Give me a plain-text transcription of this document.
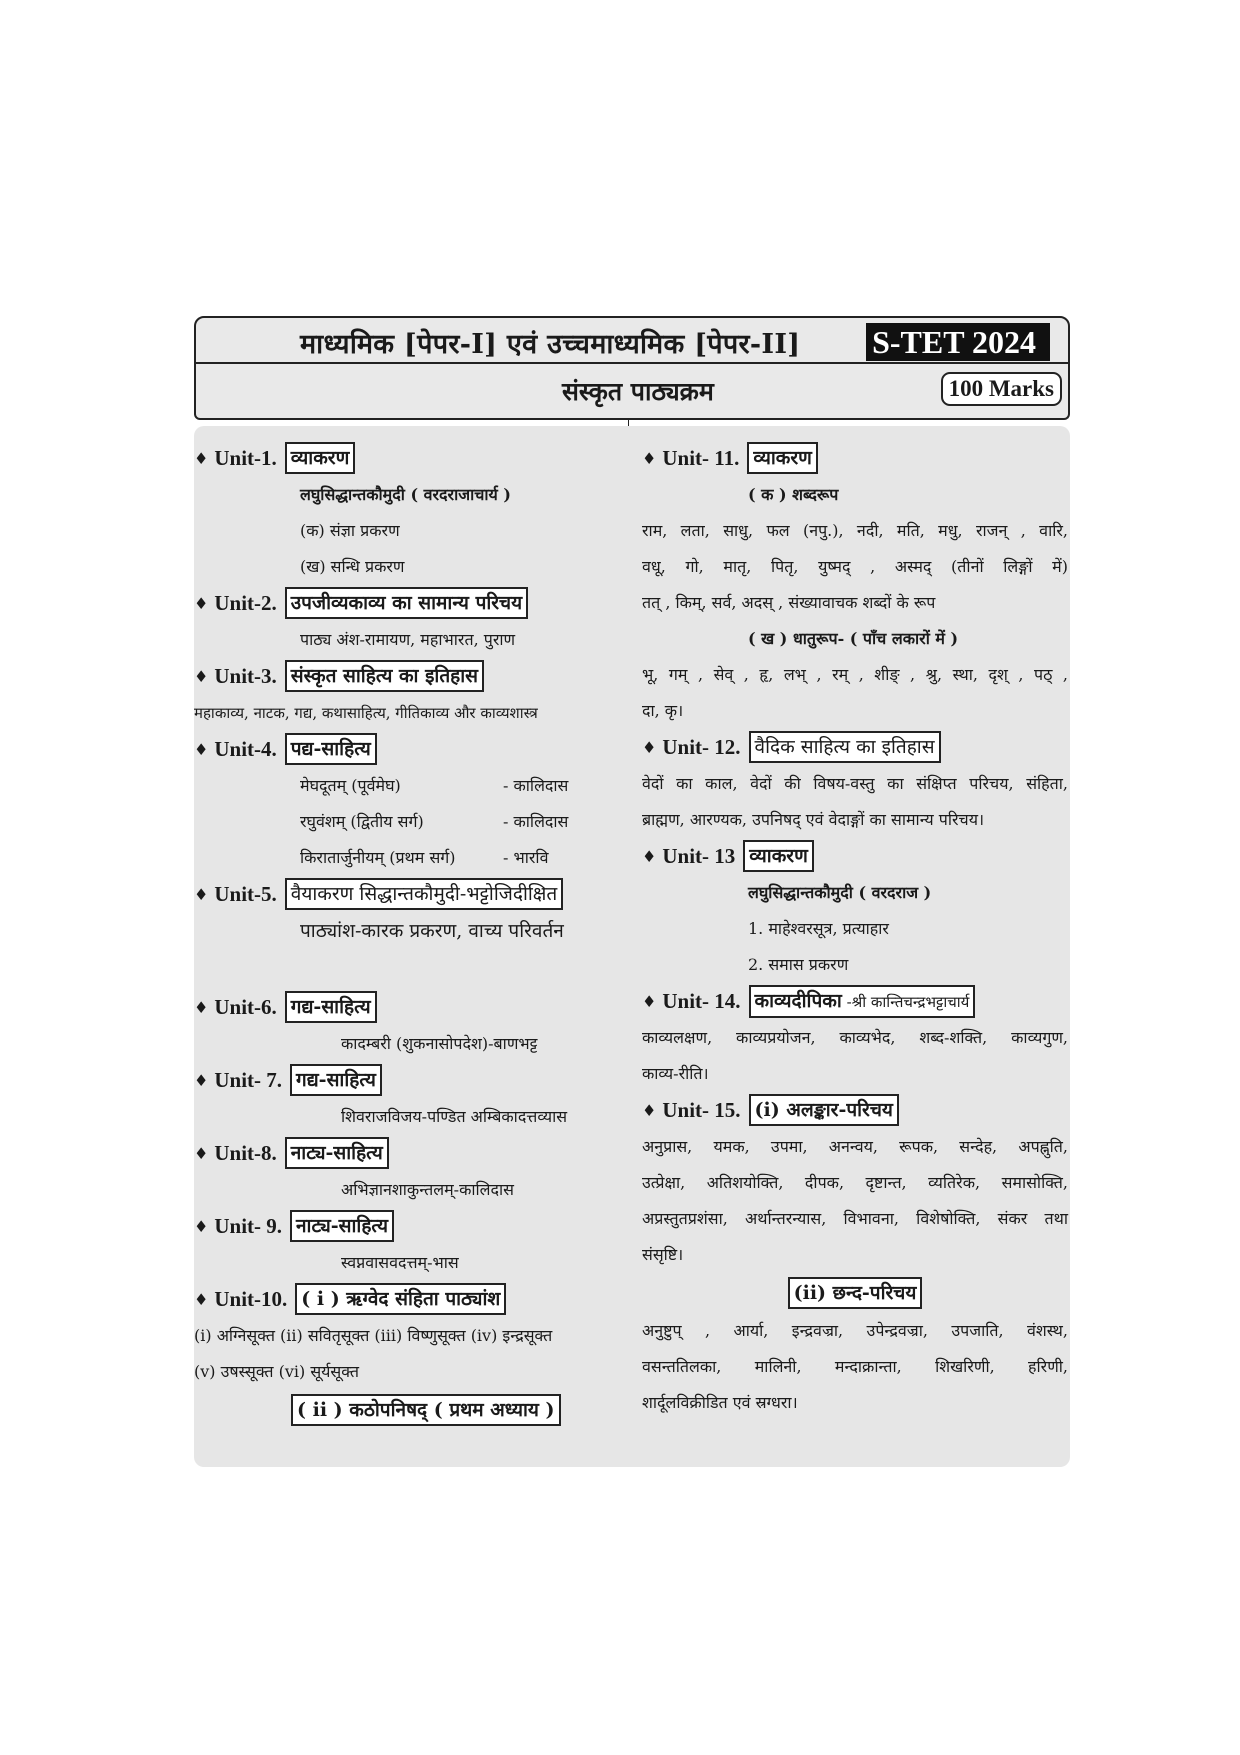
माध्यमिक [पेपर-I] एवं उच्चमाध्यमिक [पेपर-II] S-TET 2024
संस्कृत पाठ्यक्रम	100 Marks
♦ Unit-1. व्याकरण
लघुसिद्धान्तकौमुदी ( वरदराजाचार्य )
(क) संज्ञा प्रकरण
(ख) सन्धि प्रकरण
♦ Unit-2. उपजीव्यकाव्य का सामान्य परिचय
पाठ्य अंश-रामायण, महाभारत, पुराण
♦ Unit-3. संस्कृत साहित्य का इतिहास
महाकाव्य, नाटक, गद्य, कथासाहित्य, गीतिकाव्य और काव्यशास्त्र
♦ Unit-4. पद्य-साहित्य
मेघदूतम् (पूर्वमेघ)	- कालिदास
रघुवंशम् (द्वितीय सर्ग)	- कालिदास
किरातार्जुनीयम् (प्रथम सर्ग)	- भारवि
♦ Unit-5. वैयाकरण सिद्धान्तकौमुदी-भट्टोजिदीक्षित
पाठ्यांश-कारक प्रकरण, वाच्य परिवर्तन
♦ Unit-6. गद्य-साहित्य
कादम्बरी (शुकनासोपदेश)-बाणभट्ट
♦ Unit- 7. गद्य-साहित्य
शिवराजविजय-पण्डित अम्बिकादत्तव्यास
♦ Unit-8. नाट्य-साहित्य
अभिज्ञानशाकुन्तलम्-कालिदास
♦ Unit- 9. नाट्य-साहित्य
स्वप्नवासवदत्तम्-भास
♦ Unit-10. ( i ) ऋग्वेद संहिता पाठ्यांश
(i) अग्निसूक्त (ii) सवितृसूक्त (iii) विष्णुसूक्त (iv) इन्द्रसूक्त
(v) उषस्सूक्त (vi) सूर्यसूक्त
( ii ) कठोपनिषद् ( प्रथम अध्याय )
♦ Unit- 11. व्याकरण
( क ) शब्दरूप
राम, लता, साधु, फल (नपु.), नदी, मति, मधु, राजन् , वारि,
वधू, गो, मातृ, पितृ, युष्मद् , अस्मद् (तीनों लिङ्गों में)
तत् , किम्, सर्व, अदस् , संख्यावाचक शब्दों के रूप
( ख ) धातुरूप- ( पाँच लकारों में )
भू, गम् , सेव् , हृ, लभ् , रम् , शीङ् , श्रु, स्था, दृश् , पठ् ,
दा, कृ।
♦ Unit- 12. वैदिक साहित्य का इतिहास
वेदों का काल, वेदों की विषय-वस्तु का संक्षिप्त परिचय, संहिता,
ब्राह्मण, आरण्यक, उपनिषद् एवं वेदाङ्गों का सामान्य परिचय।
♦ Unit- 13 व्याकरण
लघुसिद्धान्तकौमुदी ( वरदराज )
1. माहेश्वरसूत्र, प्रत्याहार
2. समास प्रकरण
♦ Unit- 14. काव्यदीपिका -श्री कान्तिचन्द्रभट्टाचार्य
काव्यलक्षण, काव्यप्रयोजन, काव्यभेद, शब्द-शक्ति, काव्यगुण,
काव्य-रीति।
♦ Unit- 15. (i) अलङ्कार-परिचय
अनुप्रास, यमक, उपमा, अनन्वय, रूपक, सन्देह, अपह्नुति,
उत्प्रेक्षा, अतिशयोक्ति, दीपक, दृष्टान्त, व्यतिरेक, समासोक्ति,
अप्रस्तुतप्रशंसा, अर्थान्तरन्यास, विभावना, विशेषोक्ति, संकर तथा
संसृष्टि।
(ii) छन्द-परिचय
अनुष्टुप् , आर्या, इन्द्रवज्रा, उपेन्द्रवज्रा, उपजाति, वंशस्थ,
वसन्ततिलका, मालिनी, मन्दाक्रान्ता, शिखरिणी, हरिणी,
शार्दूलविक्रीडित एवं स्रग्धरा।
